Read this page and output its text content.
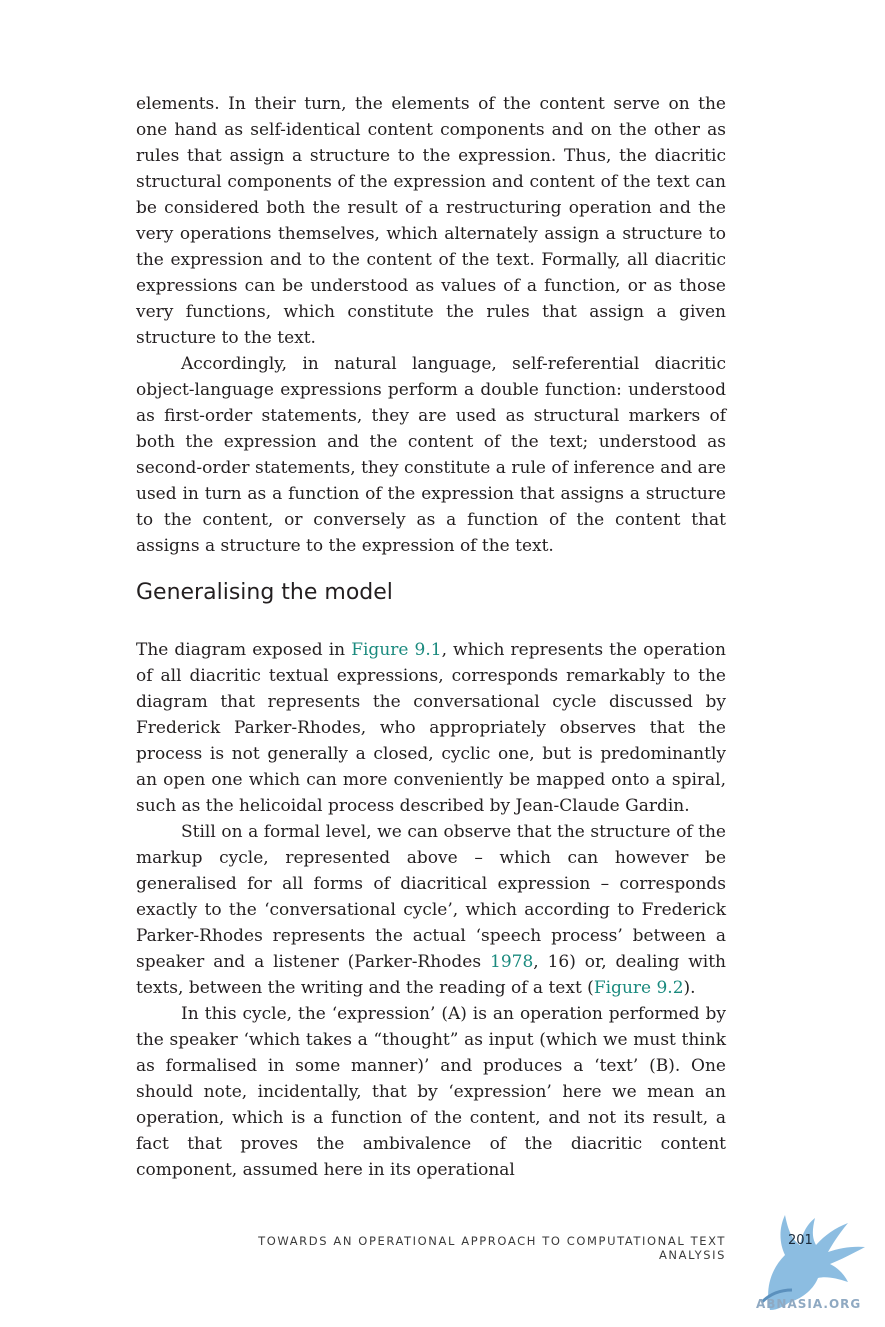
elements. In their turn, the elements of the content serve on the one hand as self-identical content components and on the other as rules that assign a structure to the expression. Thus, the diacritic structural components of the expression and content of the text can be considered both the result of a restructuring operation and the very operations themselves, which alternately assign a structure to the expression and to the content of the text. Formally, all diacritic expressions can be understood as values of a function, or as those very functions, which constitute the rules that assign a given structure to the text.

Accordingly, in natural language, self-referential diacritic object-language expressions perform a double function: understood as first-order statements, they are used as structural markers of both the expression and the content of the text; understood as second-order statements, they constitute a rule of inference and are used in turn as a function of the expression that assigns a structure to the content, or conversely as a function of the content that assigns a structure to the expression of the text.

Generalising the model

The diagram exposed in Figure 9.1, which represents the operation of all diacritic textual expressions, corresponds remarkably to the diagram that represents the conversational cycle discussed by Frederick Parker-Rhodes, who appropriately observes that the process is not generally a closed, cyclic one, but is predominantly an open one which can more conveniently be mapped onto a spiral, such as the helicoidal process described by Jean-Claude Gardin.

Still on a formal level, we can observe that the structure of the markup cycle, represented above – which can however be generalised for all forms of diacritical expression – corresponds exactly to the ‘conversational cycle’, which according to Frederick Parker-Rhodes represents the actual ‘speech process’ between a speaker and a listener (Parker-Rhodes 1978, 16) or, dealing with texts, between the writing and the reading of a text (Figure 9.2).

In this cycle, the ‘expression’ (A) is an operation performed by the speaker ‘which takes a “thought” as input (which we must think as formalised in some manner)’ and produces a ‘text’ (B). One should note, incidentally, that by ‘expression’ here we mean an operation, which is a function of the content, and not its result, a fact that proves the ambivalence of the diacritic content component, assumed here in its operational

TOWARDS AN OPERATIONAL APPROACH TO COMPUTATIONAL TEXT ANALYSIS
201
ABNASIA.ORG
